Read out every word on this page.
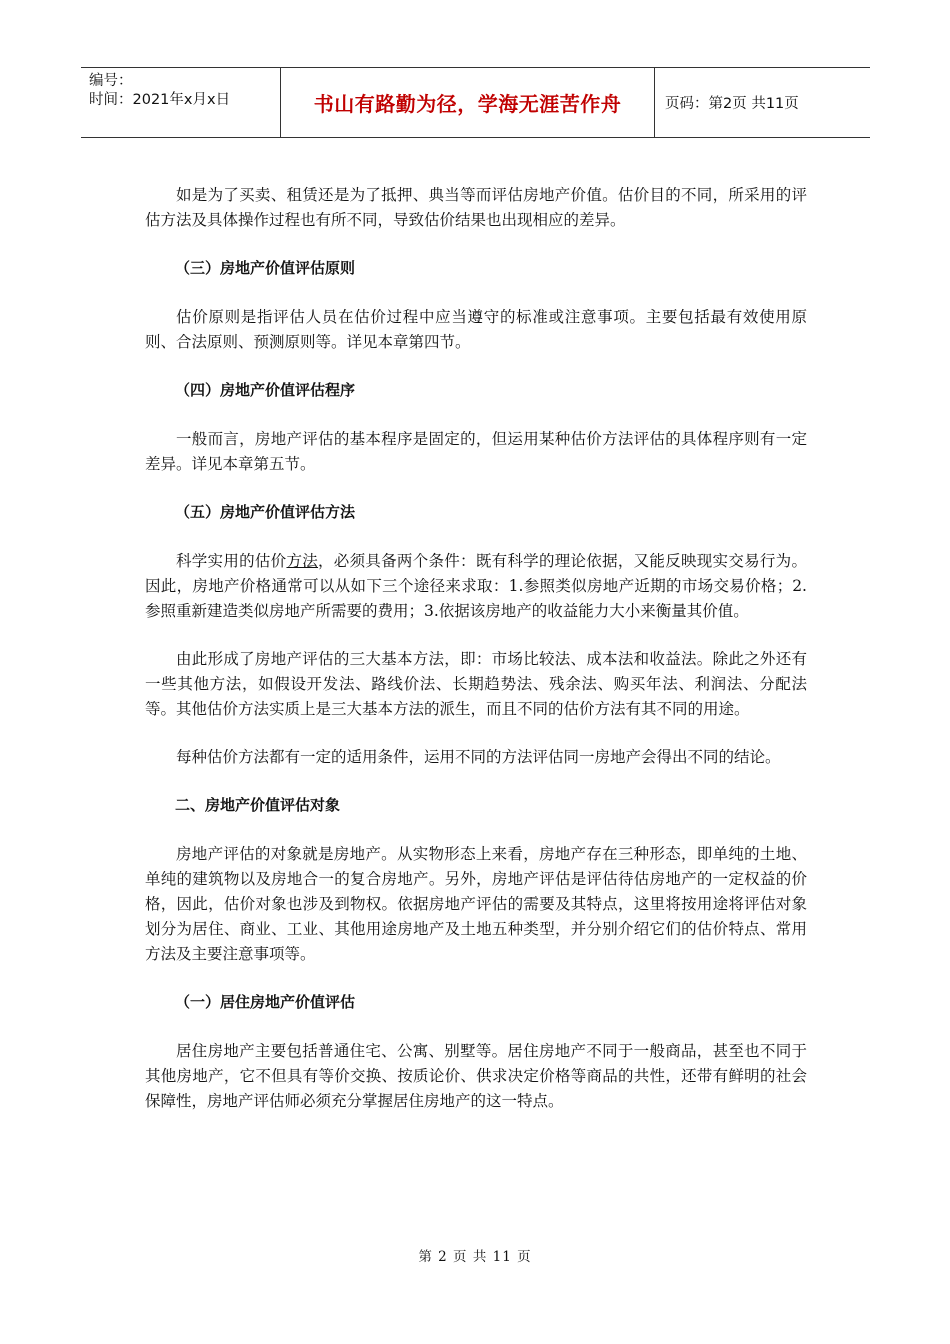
编号：
时间：2021年x月x日	书山有路勤为径，学海无涯苦作舟	页码：第2页 共11页

如是为了买卖、租赁还是为了抵押、典当等而评估房地产价值。估价目的不同，所采用的评估方法及具体操作过程也有所不同，导致估价结果也出现相应的差异。

（三）房地产价值评估原则

估价原则是指评估人员在估价过程中应当遵守的标准或注意事项。主要包括最有效使用原则、合法原则、预测原则等。详见本章第四节。

（四）房地产价值评估程序

一般而言，房地产评估的基本程序是固定的，但运用某种估价方法评估的具体程序则有一定差异。详见本章第五节。

（五）房地产价值评估方法

科学实用的估价方法，必须具备两个条件：既有科学的理论依据，又能反映现实交易行为。因此，房地产价格通常可以从如下三个途径来求取：1.参照类似房地产近期的市场交易价格；2.参照重新建造类似房地产所需要的费用；3.依据该房地产的收益能力大小来衡量其价值。

由此形成了房地产评估的三大基本方法，即：市场比较法、成本法和收益法。除此之外还有一些其他方法，如假设开发法、路线价法、长期趋势法、残余法、购买年法、利润法、分配法等。其他估价方法实质上是三大基本方法的派生，而且不同的估价方法有其不同的用途。

每种估价方法都有一定的适用条件，运用不同的方法评估同一房地产会得出不同的结论。

二、房地产价值评估对象

房地产评估的对象就是房地产。从实物形态上来看，房地产存在三种形态，即单纯的土地、单纯的建筑物以及房地合一的复合房地产。另外，房地产评估是评估待估房地产的一定权益的价格，因此，估价对象也涉及到物权。依据房地产评估的需要及其特点，这里将按用途将评估对象划分为居住、商业、工业、其他用途房地产及土地五种类型，并分别介绍它们的估价特点、常用方法及主要注意事项等。

（一）居住房地产价值评估

居住房地产主要包括普通住宅、公寓、别墅等。居住房地产不同于一般商品，甚至也不同于其他房地产，它不但具有等价交换、按质论价、供求决定价格等商品的共性，还带有鲜明的社会保障性，房地产评估师必须充分掌握居住房地产的这一特点。

第 2 页 共 11 页
